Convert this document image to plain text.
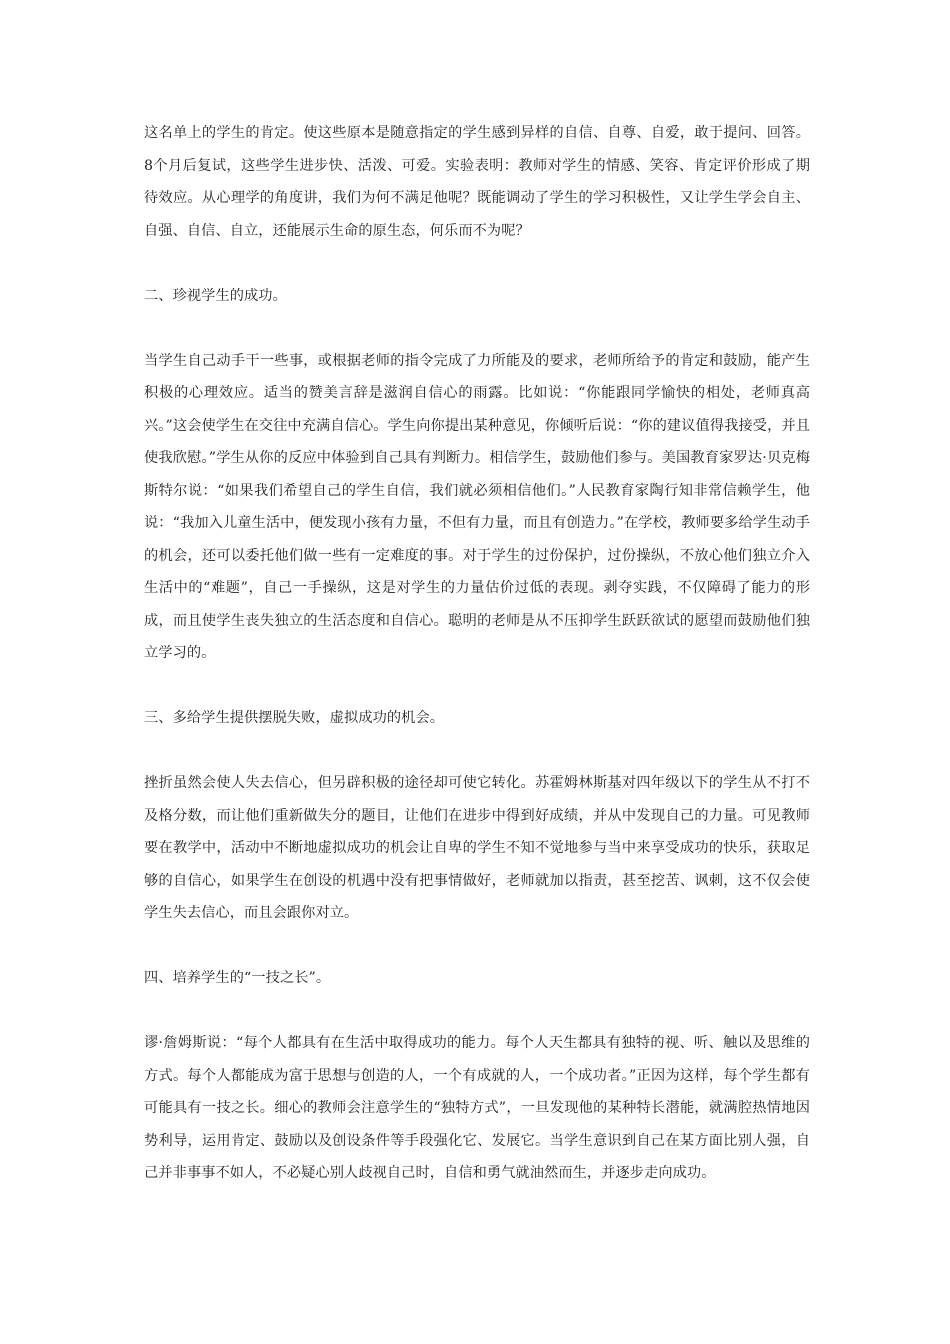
这名单上的学生的肯定。使这些原本是随意指定的学生感到异样的自信、自尊、自爱，敢于提问、回答。8个月后复试，这些学生进步快、活泼、可爱。实验表明：教师对学生的情感、笑容、肯定评价形成了期待效应。从心理学的角度讲，我们为何不满足他呢？既能调动了学生的学习积极性，又让学生学会自主、自强、自信、自立，还能展示生命的原生态，何乐而不为呢？

二、珍视学生的成功。

当学生自己动手干一些事，或根据老师的指令完成了力所能及的要求，老师所给予的肯定和鼓励，能产生积极的心理效应。适当的赞美言辞是滋润自信心的雨露。比如说：“你能跟同学愉快的相处，老师真高兴。”这会使学生在交往中充满自信心。学生向你提出某种意见，你倾听后说：“你的建议值得我接受，并且使我欣慰。”学生从你的反应中体验到自己具有判断力。相信学生，鼓励他们参与。美国教育家罗达·贝克梅斯特尔说：“如果我们希望自己的学生自信，我们就必须相信他们。”人民教育家陶行知非常信赖学生，他说：“我加入儿童生活中，便发现小孩有力量，不但有力量，而且有创造力。”在学校，教师要多给学生动手的机会，还可以委托他们做一些有一定难度的事。对于学生的过份保护，过份操纵，不放心他们独立介入生活中的“难题”，自己一手操纵，这是对学生的力量估价过低的表现。剥夺实践，不仅障碍了能力的形成，而且使学生丧失独立的生活态度和自信心。聪明的老师是从不压抑学生跃跃欲试的愿望而鼓励他们独立学习的。

三、多给学生提供摆脱失败，虚拟成功的机会。

挫折虽然会使人失去信心，但另辟积极的途径却可使它转化。苏霍姆林斯基对四年级以下的学生从不打不及格分数，而让他们重新做失分的题目，让他们在进步中得到好成绩，并从中发现自己的力量。可见教师要在教学中，活动中不断地虚拟成功的机会让自卑的学生不知不觉地参与当中来享受成功的快乐，获取足够的自信心，如果学生在创设的机遇中没有把事情做好，老师就加以指责，甚至挖苦、讽刺，这不仅会使学生失去信心，而且会跟你对立。

四、培养学生的“一技之长”。

谬·詹姆斯说：“每个人都具有在生活中取得成功的能力。每个人天生都具有独特的视、听、触以及思维的方式。每个人都能成为富于思想与创造的人，一个有成就的人，一个成功者。”正因为这样，每个学生都有可能具有一技之长。细心的教师会注意学生的“独特方式”，一旦发现他的某种特长潜能，就满腔热情地因势利导，运用肯定、鼓励以及创设条件等手段强化它、发展它。当学生意识到自己在某方面比别人强，自己并非事事不如人，不必疑心别人歧视自己时，自信和勇气就油然而生，并逐步走向成功。
